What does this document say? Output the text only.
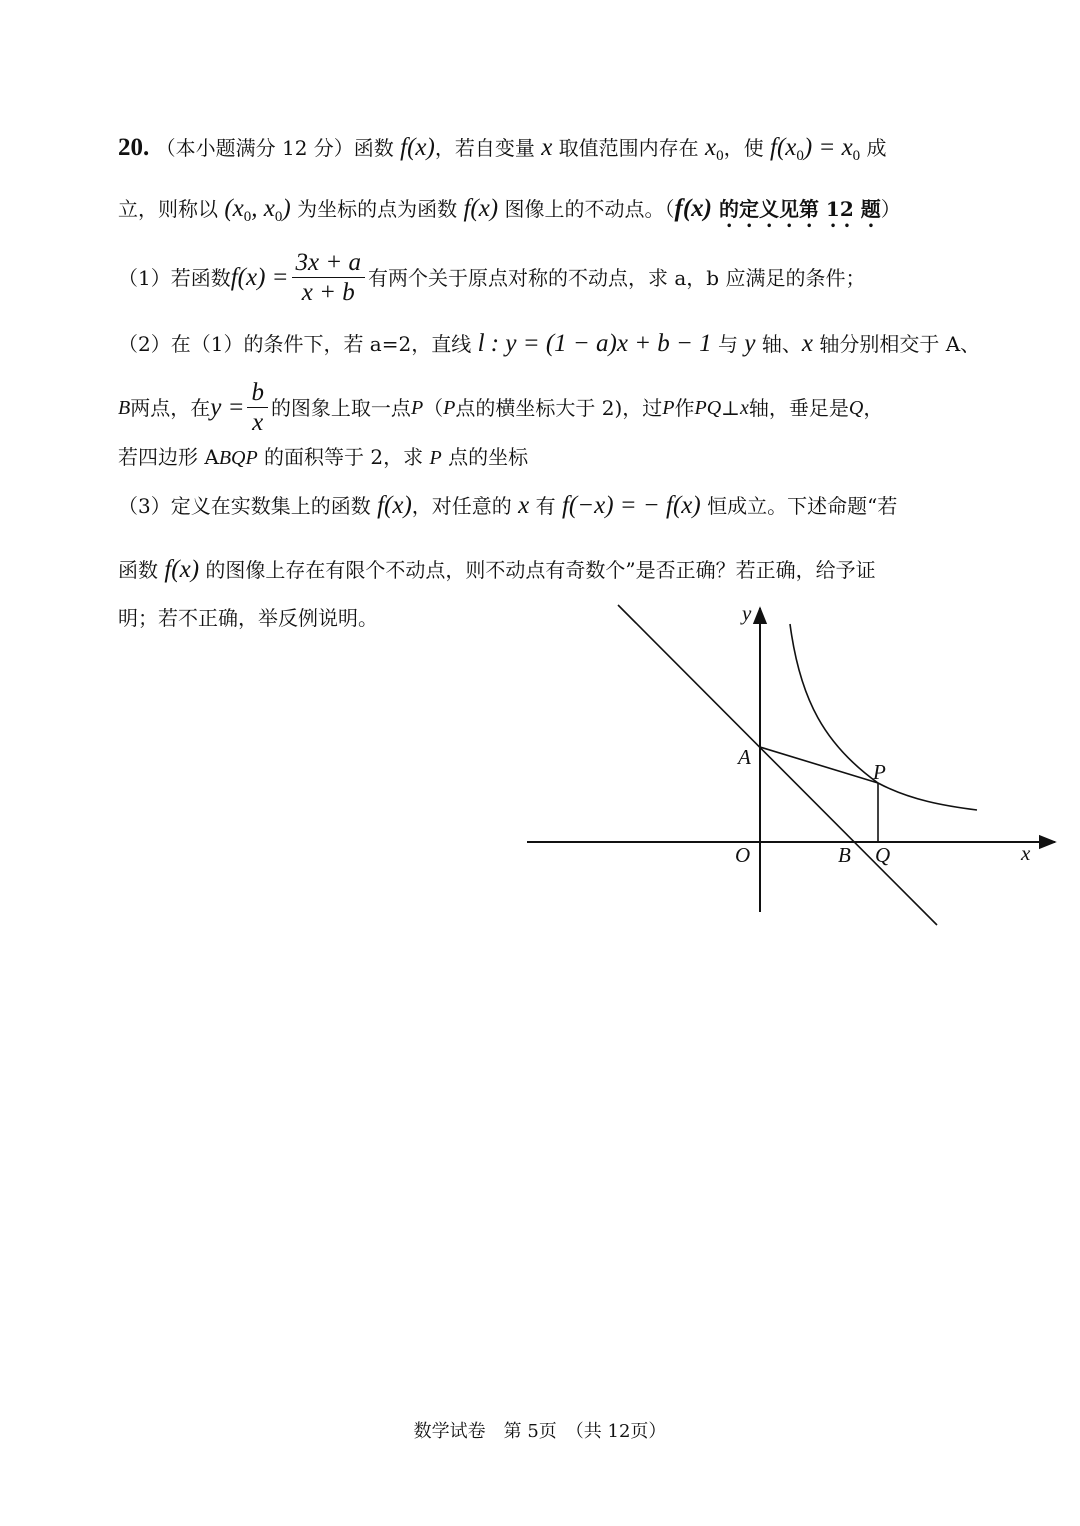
20. （本小题满分 12 分）函数 f(x)，若自变量 x 取值范围内存在 $x_0$，使 $f(x_0) = x_0$ 成
立，则称以 ($x_0$, $x_0$) 为坐标的点为函数 f(x) 图像上的不动点。（f(x) 的定义见第 12 题）
（1）若函数 $f(x) = \frac{3x + a}{x + b}$ 有两个关于原点对称的不动点，求 a，b 应满足的条件；
（2）在（1）的条件下，若 a=2，直线 l : y = (1 − a)x + b − 1 与 y 轴、x 轴分别相交于 A、
B 两点，在 $y = \frac{b}{x}$ 的图象上取一点 P （ P 点的横坐标大于 2)，过 P 作 PQ ⊥ x 轴，垂足是 Q ，
若四边形 ABQP 的面积等于 2，求 P 点的坐标
（3）定义在实数集上的函数 f(x)，对任意的 x 有 f(−x) = − f(x) 恒成立。下述命题“若
函数 f(x) 的图像上存在有限个不动点，则不动点有奇数个”是否正确？若正确，给予证
明；若不正确，举反例说明。	y
x
A
P
O	B Q
数学试卷　第 5页　（共 12页）
